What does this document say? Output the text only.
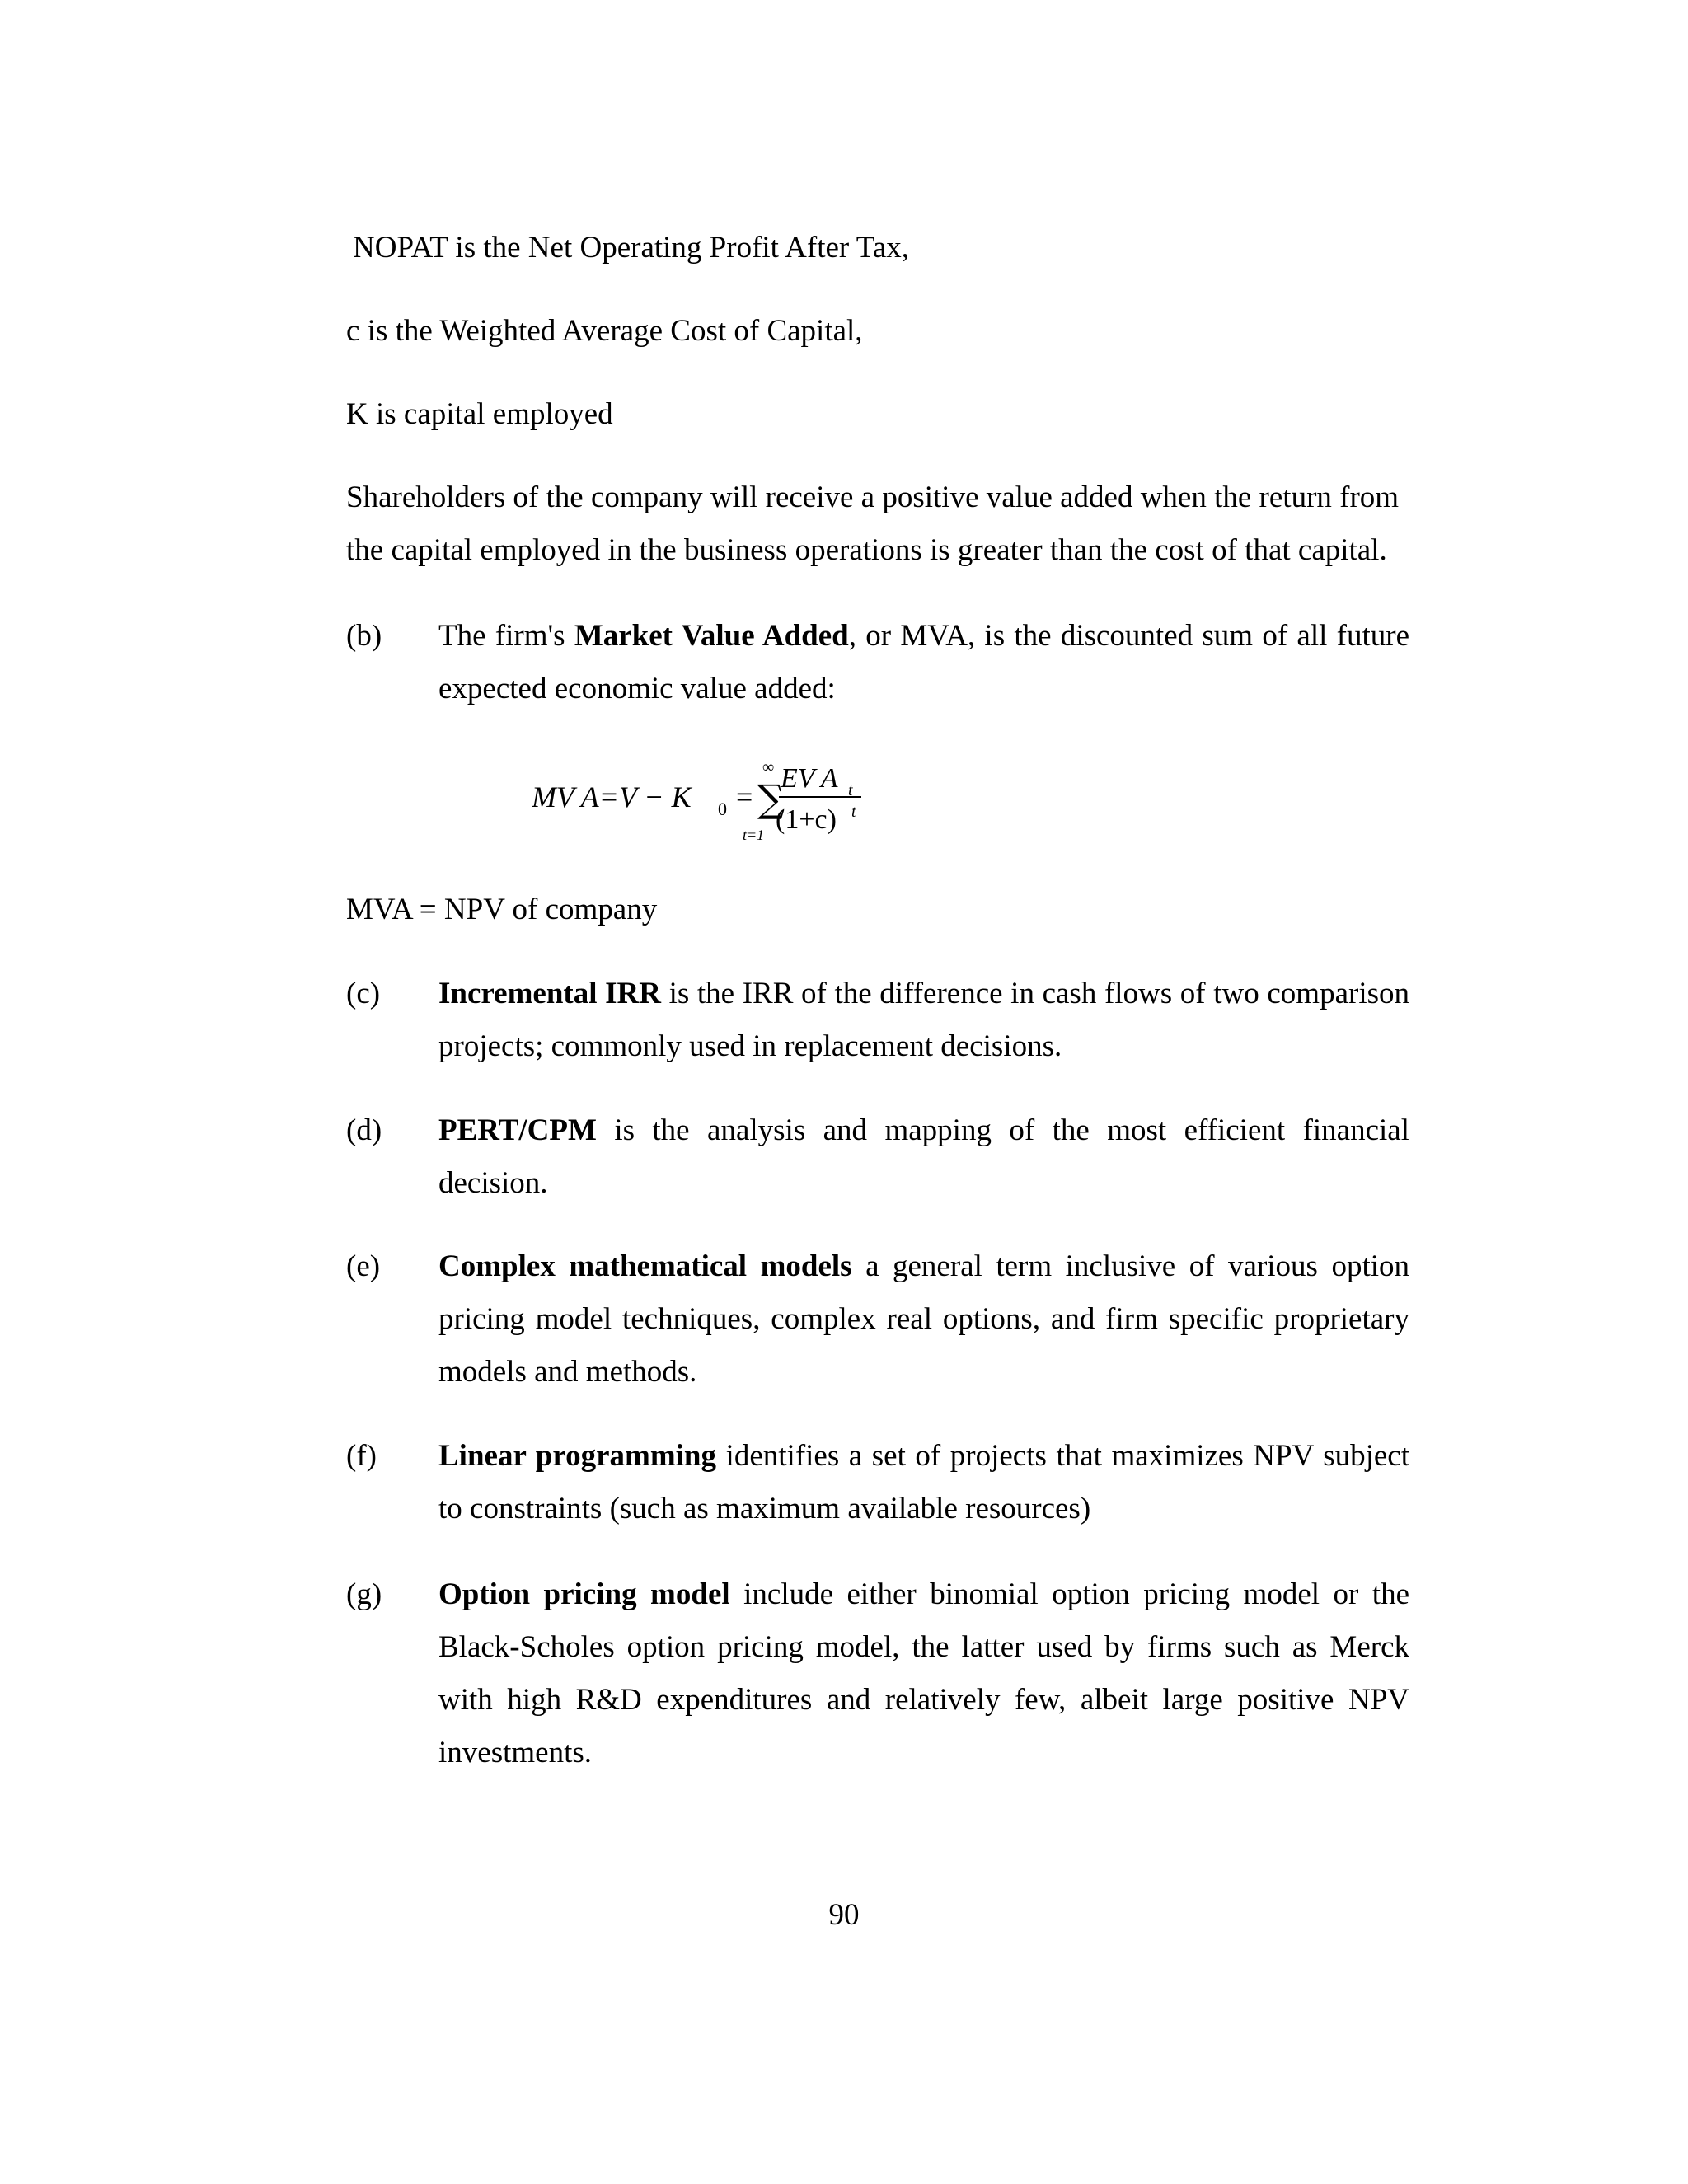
NOPAT is the Net Operating Profit After Tax,
c is the Weighted Average Cost of Capital,
K is capital employed
Shareholders of the company will receive a positive value added when the return from the capital employed in the business operations is greater than the cost of that capital.
(b) The firm's Market Value Added, or MVA, is the discounted sum of all future expected economic value added:
MV A=V − K 0 =
∞
∑
t=1
EV A t
(1+c) t
MVA = NPV of company
(c) Incremental IRR is the IRR of the difference in cash flows of two comparison projects; commonly used in replacement decisions.
(d) PERT/CPM is the analysis and mapping of the most efficient financial decision.
(e) Complex mathematical models a general term inclusive of various option pricing model techniques, complex real options, and firm specific proprietary models and methods.
(f) Linear programming identifies a set of projects that maximizes NPV subject to constraints (such as maximum available resources)
(g) Option pricing model include either binomial option pricing model or the Black-Scholes option pricing model, the latter used by firms such as Merck with high R&D expenditures and relatively few, albeit large positive NPV investments.
90
